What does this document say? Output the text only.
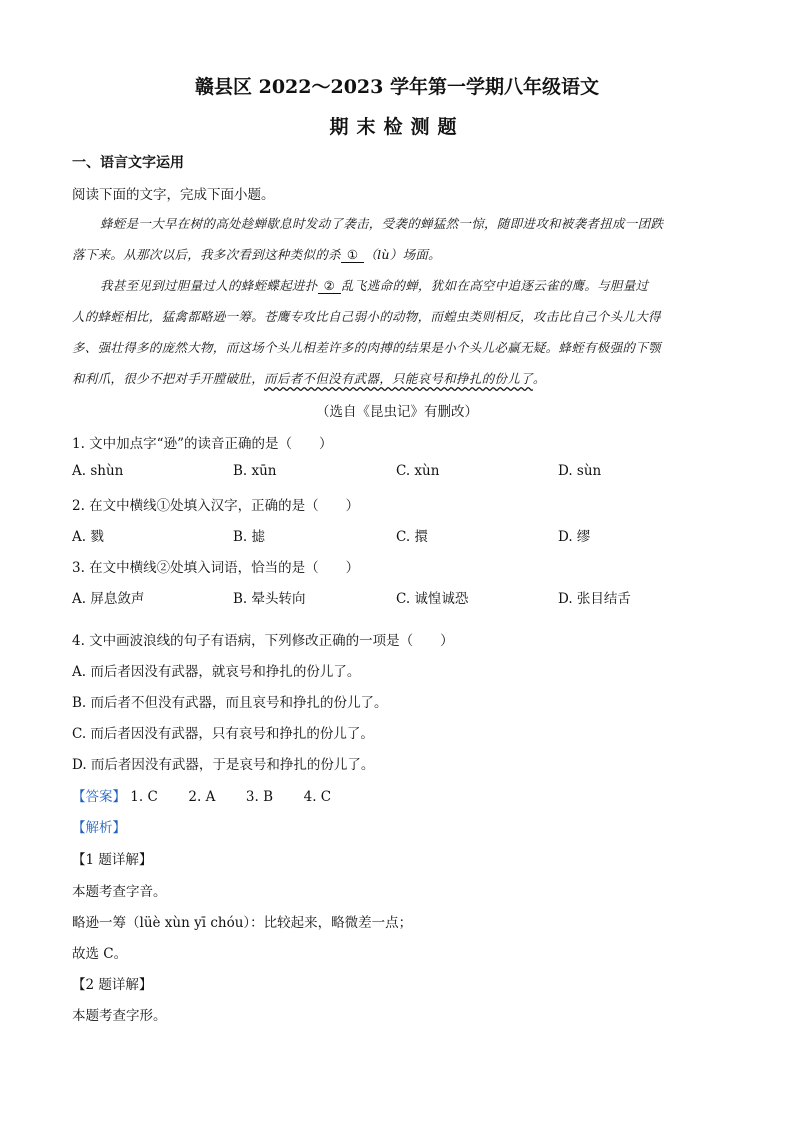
赣县区 2022～2023 学年第一学期八年级语文
期末检测题
一、语言文字运用
阅读下面的文字，完成下面小题。
蜂蛭是一大早在树的高处趁蝉歇息时发动了袭击，受袭的蝉猛然一惊，随即进攻和被袭者扭成一团跌
落下来。从那次以后，我多次看到这种类似的杀 ① （lù）场面。
我甚至见到过胆量过人的蜂蛭蝶起进扑 ② 乱飞逃命的蝉，犹如在高空中追逐云雀的鹰。与胆量过
人的蜂蛭相比，猛禽都略逊一筹。苍鹰专攻比自己弱小的动物，而蝗虫类则相反，攻击比自己个头儿大得
多、强壮得多的庞然大物，而这场个头儿相差许多的肉搏的结果是小个头儿必赢无疑。蜂蛭有极强的下颚
和利爪，很少不把对手开膛破肚，而后者不但没有武器，只能哀号和挣扎的份儿了。
（选自《昆虫记》有删改）
1. 文中加点字“逊”的读音正确的是（　　）
A. shùn	B. xūn	C. xùn	D. sùn
2. 在文中横线①处填入汉字，正确的是（　　）
A. 戮	B. 摅	C. 擐	D. 缪
3. 在文中横线②处填入词语，恰当的是（　　）
A. 屏息敛声	B. 晕头转向	C. 诚惶诚恐	D. 张目结舌
4. 文中画波浪线的句子有语病，下列修改正确的一项是（　　）
A. 而后者因没有武器，就哀号和挣扎的份儿了。
B. 而后者不但没有武器，而且哀号和挣扎的份儿了。
C. 而后者因没有武器，只有哀号和挣扎的份儿了。
D. 而后者因没有武器，于是哀号和挣扎的份儿了。
【答案】 1. C 2. A 3. B 4. C
【解析】
【1 题详解】
本题考查字音。
略逊一筹（lüè xùn yī chóu）：比较起来，略微差一点；
故选 C。
【2 题详解】
本题考查字形。
